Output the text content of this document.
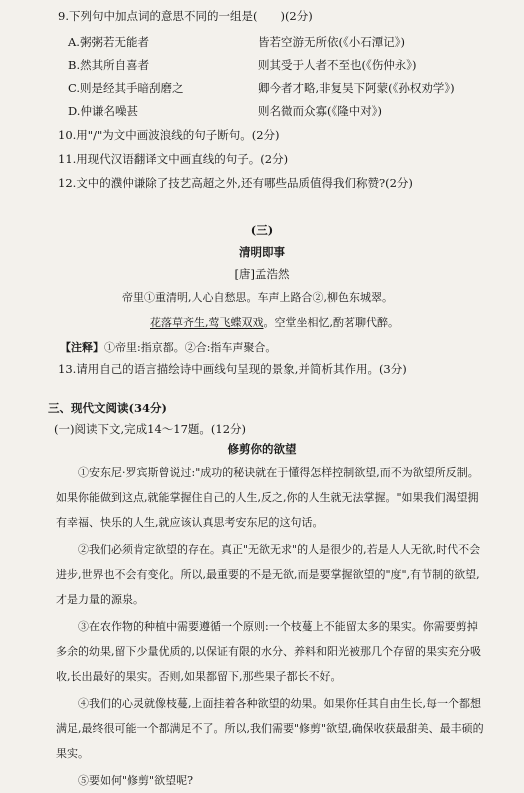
9.下列句中加点词的意思不同的一组是(　　)(2分)
A.粥粥若无能者	皆若空游无所依(《小石潭记》)
B.然其所自喜者	则其受于人者不至也(《伤仲永》)
C.则是经其手暗刮磨之	卿今者才略,非复吴下阿蒙(《孙权劝学》)
D.仲谦名噪甚	则名微而众寡(《隆中对》)
10.用"/"为文中画波浪线的句子断句。(2分)
11.用现代汉语翻译文中画直线的句子。(2分)
12.文中的濮仲谦除了技艺高超之外,还有哪些品质值得我们称赞?(2分)
(三)
清明即事
[唐]孟浩然
帝里①重清明,人心自愁思。车声上路合②,柳色东城翠。
花落草齐生,莺飞蝶双戏。空堂坐相忆,酌茗聊代醉。
【注释】①帝里:指京都。②合:指车声聚合。
13.请用自己的语言描绘诗中画线句呈现的景象,并简析其作用。(3分)
三、现代文阅读(34分)
(一)阅读下文,完成14～17题。(12分)
修剪你的欲望
①安东尼·罗宾斯曾说过:"成功的秘诀就在于懂得怎样控制欲望,而不为欲望所反制。如果你能做到这点,就能掌握住自己的人生,反之,你的人生就无法掌握。"如果我们渴望拥有幸福、快乐的人生,就应该认真思考安东尼的这句话。
②我们必须肯定欲望的存在。真正"无欲无求"的人是很少的,若是人人无欲,时代不会进步,世界也不会有变化。所以,最重要的不是无欲,而是要掌握欲望的"度",有节制的欲望,才是力量的源泉。
③在农作物的种植中需要遵循一个原则:一个枝蔓上不能留太多的果实。你需要剪掉多余的幼果,留下少量优质的,以保证有限的水分、养料和阳光被那几个存留的果实充分吸收,长出最好的果实。否则,如果都留下,那些果子都长不好。
④我们的心灵就像枝蔓,上面挂着各种欲望的幼果。如果你任其自由生长,每一个都想满足,最终很可能一个都满足不了。所以,我们需要"修剪"欲望,确保收获最甜美、最丰硕的果实。
⑤要如何"修剪"欲望呢?
